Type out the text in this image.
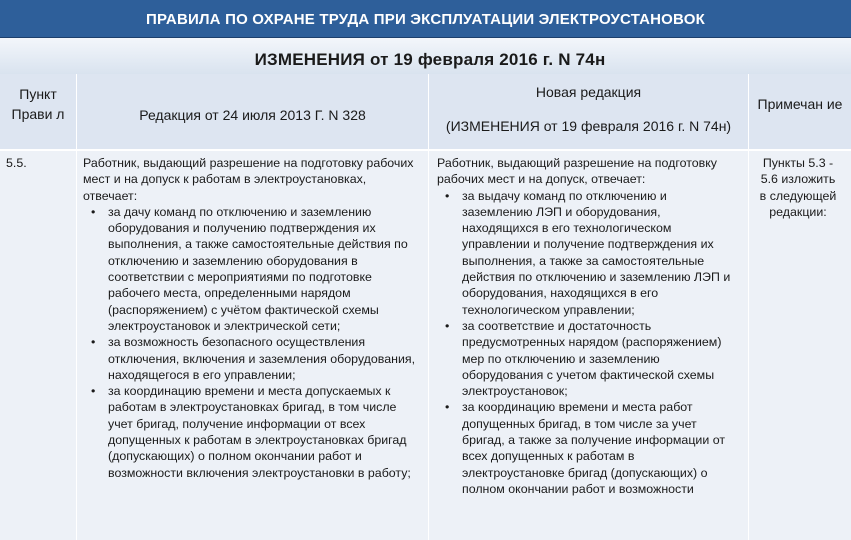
ПРАВИЛА ПО ОХРАНЕ ТРУДА ПРИ ЭКСПЛУАТАЦИИ ЭЛЕКТРОУСТАНОВОК
ИЗМЕНЕНИЯ от 19 февраля 2016 г. N 74н
Пункт Прави л	Редакция от 24 июля 2013 Г. N 328
Новая редакция
(ИЗМЕНЕНИЯ от 19 февраля 2016 г. N 74н)
Примечан ие
5.5.	Работник, выдающий разрешение на подготовку рабочих мест и на допуск к работам в электроустановках, отвечает:
• за дачу команд по отключению и заземлению оборудования и получению подтверждения их выполнения, а также самостоятельные действия по отключению и заземлению оборудования в соответствии с мероприятиями по подготовке рабочего места, определенными нарядом (распоряжением) с учётом фактической схемы электроустановок и электрической сети;
• за возможность безопасного осуществления отключения, включения и заземления оборудования, находящегося в его управлении;
• за координацию времени и места допускаемых к работам в электроустановках бригад, в том числе учет бригад, получение информации от всех допущенных к работам в электроустановках бригад (допускающих) о полном окончании работ и возможности включения электроустановки в работу;
Работник, выдающий разрешение на подготовку рабочих мест и на допуск, отвечает:
• за выдачу команд по отключению и заземлению ЛЭП и оборудования, находящихся в его технологическом управлении и получение подтверждения их выполнения, а также за самостоятельные действия по отключению и заземлению ЛЭП и оборудования, находящихся в его технологическом управлении;
• за соответствие и достаточность предусмотренных нарядом (распоряжением) мер по отключению и заземлению оборудования с учетом фактической схемы электроустановок;
• за координацию времени и места работ допущенных бригад, в том числе за учет бригад, а также за получение информации от всех допущенных к работам в электроустановке бригад (допускающих) о полном окончании работ и возможности
Пункты 5.3 - 5.6 изложить в следующей редакции:
